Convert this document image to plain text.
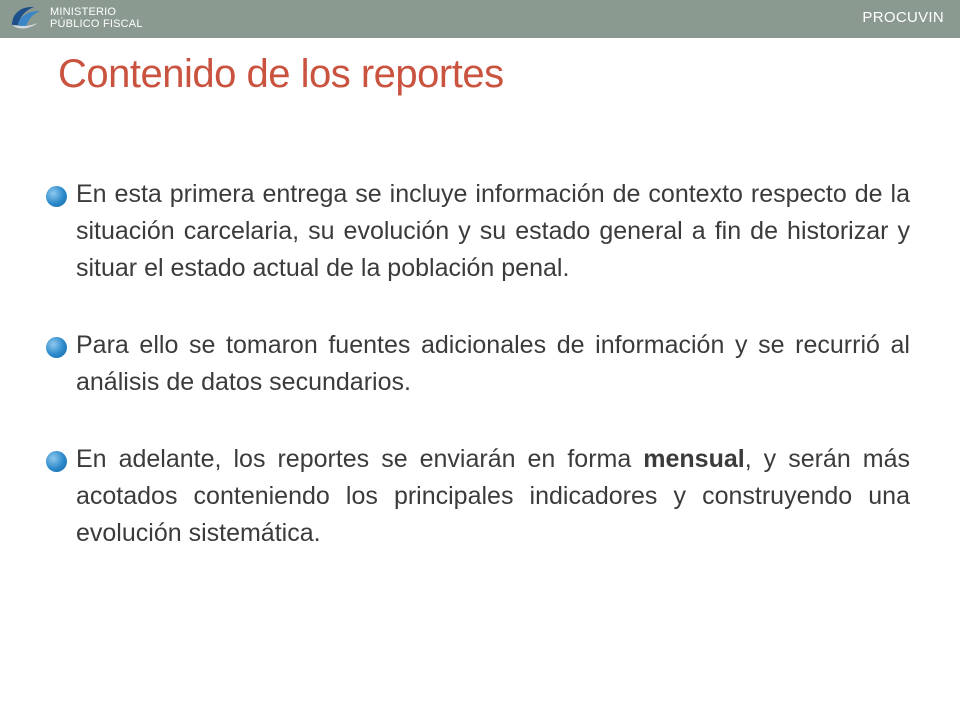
MINISTERIO
PÚBLICO FISCAL	PROCUVIN
Contenido de los reportes

En esta primera entrega se incluye información de contexto respecto de la situación carcelaria, su evolución y su estado general a fin de historizar y situar el estado actual de la población penal.

Para ello se tomaron fuentes adicionales de información y se recurrió al análisis de datos secundarios.

En adelante, los reportes se enviarán en forma mensual, y serán más acotados conteniendo los principales indicadores y construyendo una evolución sistemática.
